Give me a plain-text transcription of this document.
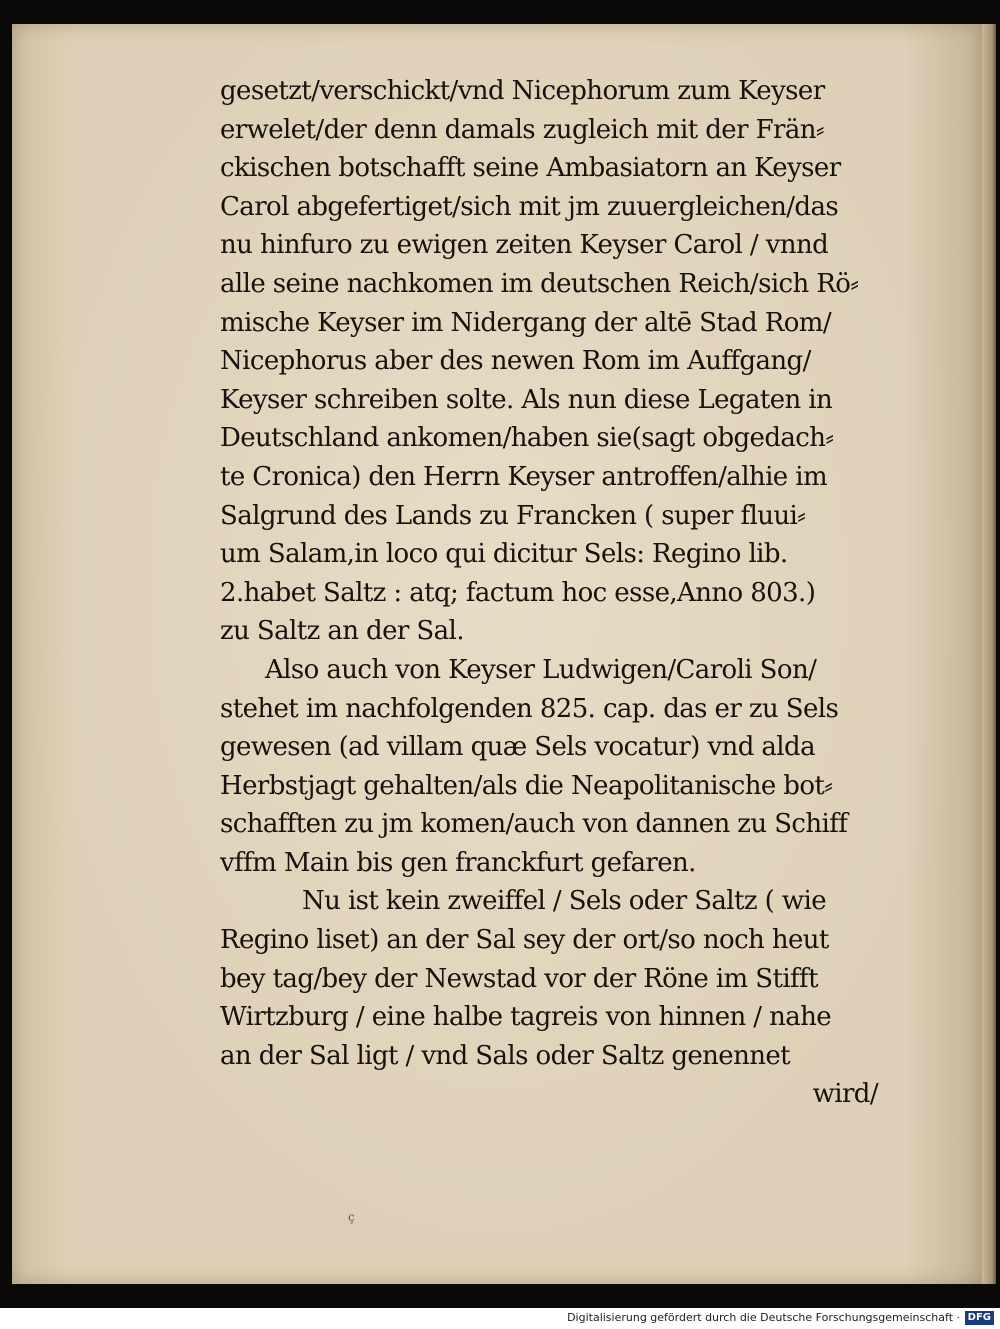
gesetzt/verschickt/vnd Nicephorum zum Keyser
erwelet/der denn damals zugleich mit der Frän⸗
ckischen botschafft seine Ambasiatorn an Keyser
Carol abgefertiget/sich mit jm zuuergleichen/das
nu hinfuro zu ewigen zeiten Keyser Carol / vnnd
alle seine nachkomen im deutschen Reich/sich Rö⸗
mische Keyser im Nidergang der altē Stad Rom/
Nicephorus aber des newen Rom im Auffgang/
Keyser schreiben solte. Als nun diese Legaten in
Deutschland ankomen/haben sie(sagt obgedach⸗
te Cronica) den Herrn Keyser antroffen/alhie im
Salgrund des Lands zu Francken ( super fluui⸗
um Salam,in loco qui dicitur Sels: Regino lib.
2.habet Saltz : atq; factum hoc esse,Anno 803.)
zu Saltz an der Sal.
Also auch von Keyser Ludwigen/Caroli Son/
stehet im nachfolgenden 825. cap. das er zu Sels
gewesen (ad villam quæ Sels vocatur) vnd alda
Herbstjagt gehalten/als die Neapolitanische bot⸗
schafften zu jm komen/auch von dannen zu Schiff
vffm Main bis gen franckfurt gefaren.
Nu ist kein zweiffel / Sels oder Saltz ( wie
Regino liset) an der Sal sey der ort/so noch heut
bey tag/bey der Newstad vor der Röne im Stifft
Wirtzburg / eine halbe tagreis von hinnen / nahe
an der Sal ligt / vnd Sals oder Saltz genennet
wird/
ç
Digitalisierung gefördert durch die Deutsche Forschungsgemeinschaft · DFG
